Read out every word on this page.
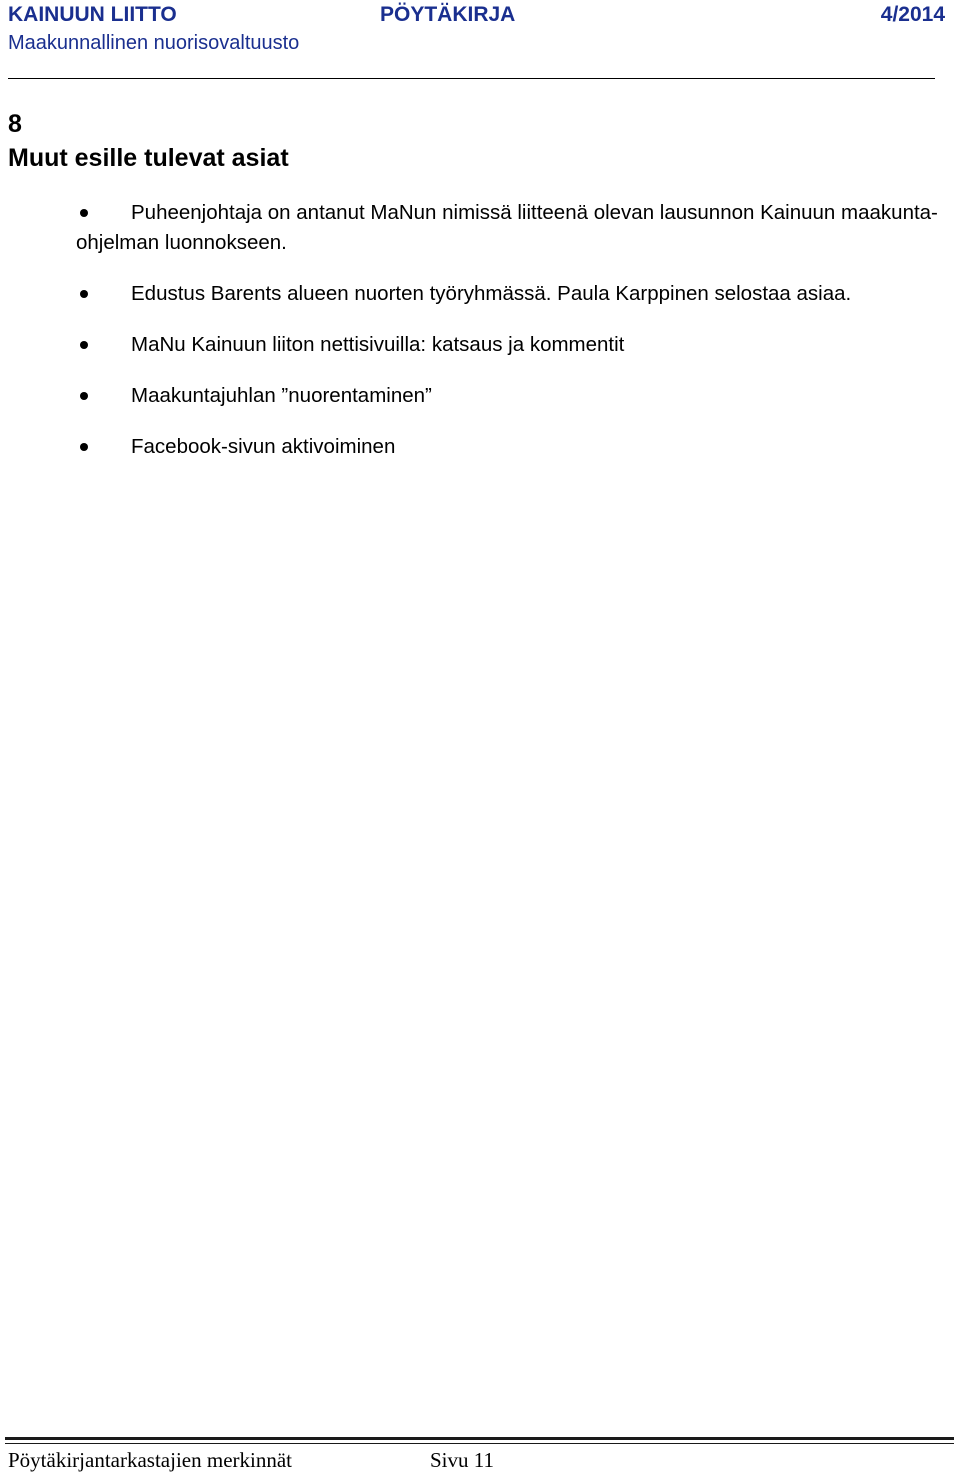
KAINUUN LIITTO	PÖYTÄKIRJA	4/2014
Maakunnallinen nuorisovaltuusto
8
Muut esille tulevat asiat
Puheenjohtaja on antanut MaNun nimissä liitteenä olevan lausunnon Kainuun maakunta-ohjelman luonnokseen.
Edustus Barents alueen nuorten työryhmässä. Paula Karppinen selostaa asiaa.
MaNu Kainuun liiton nettisivuilla: katsaus ja kommentit
Maakuntajuhlan ”nuorentaminen”
Facebook-sivun aktivoiminen
Pöytäkirjantarkastajien merkinnät	Sivu 11
